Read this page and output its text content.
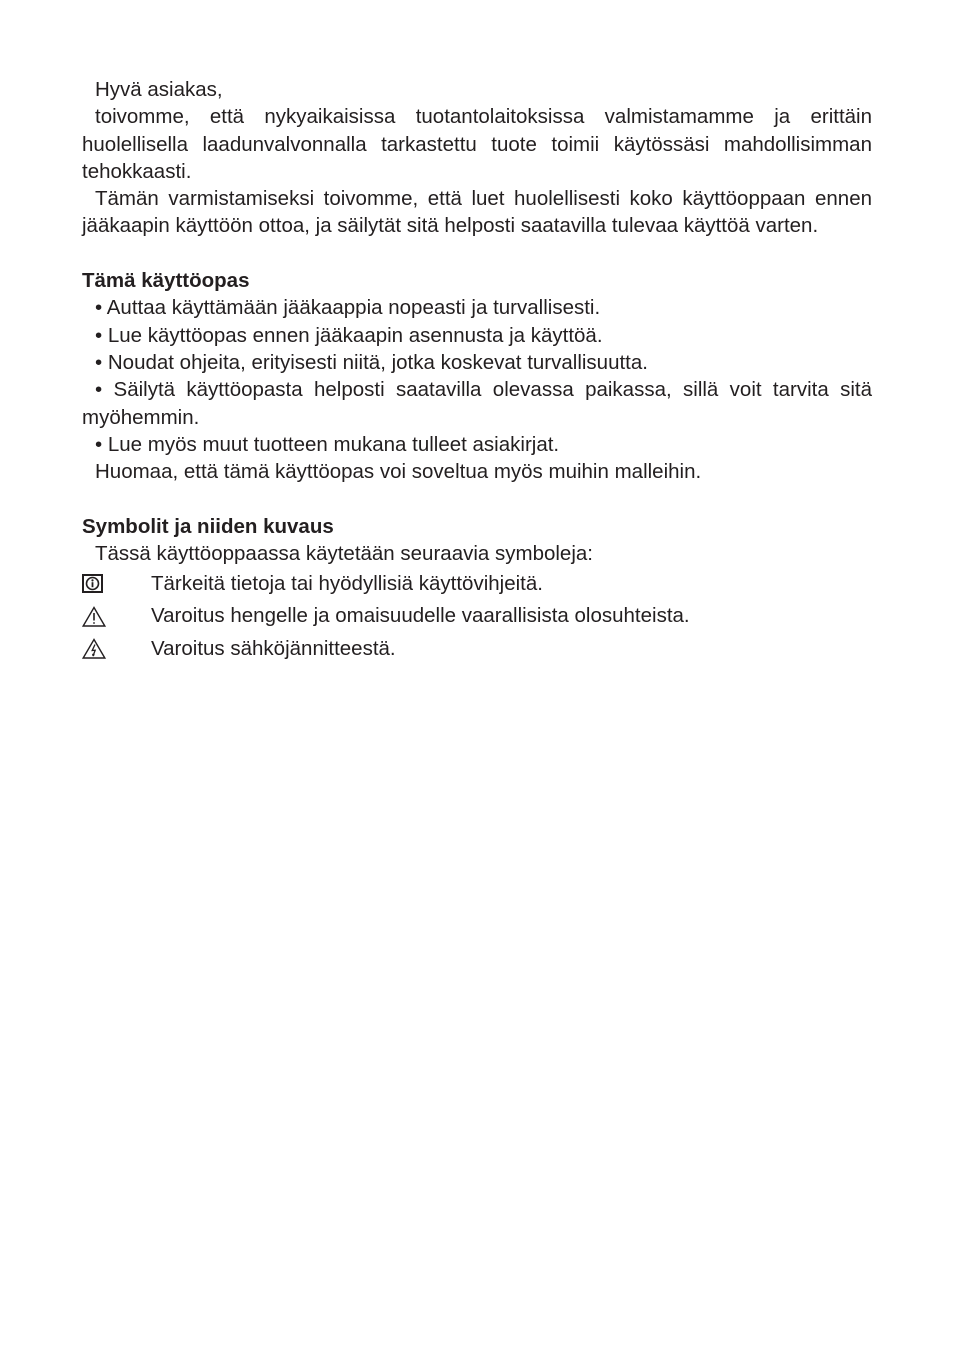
Hyvä asiakas,

toivomme, että nykyaikaisissa tuotantolaitoksissa valmistamamme ja erittäin huolellisella laadunvalvonnalla tarkastettu tuote toimii käytössäsi mahdollisimman tehokkaasti.

Tämän varmistamiseksi toivomme, että luet huolellisesti koko käyttöoppaan ennen jääkaapin käyttöön ottoa, ja säilytät sitä helposti saatavilla tulevaa käyttöä varten.

Tämä käyttöopas

• Auttaa käyttämään jääkaappia nopeasti ja turvallisesti.

• Lue käyttöopas ennen jääkaapin asennusta ja käyttöä.

• Noudat ohjeita, erityisesti niitä, jotka koskevat turvallisuutta.

• Säilytä käyttöopasta helposti saatavilla olevassa paikassa, sillä voit tarvita sitä myöhemmin.

• Lue myös muut tuotteen mukana tulleet asiakirjat.

Huomaa, että tämä käyttöopas voi soveltua myös muihin malleihin.

Symbolit ja niiden kuvaus

Tässä käyttöoppaassa käytetään seuraavia symboleja:

Tärkeitä tietoja tai hyödyllisiä käyttövihjeitä.
Varoitus hengelle ja omaisuudelle vaarallisista olosuhteista.
Varoitus sähköjännitteestä.
